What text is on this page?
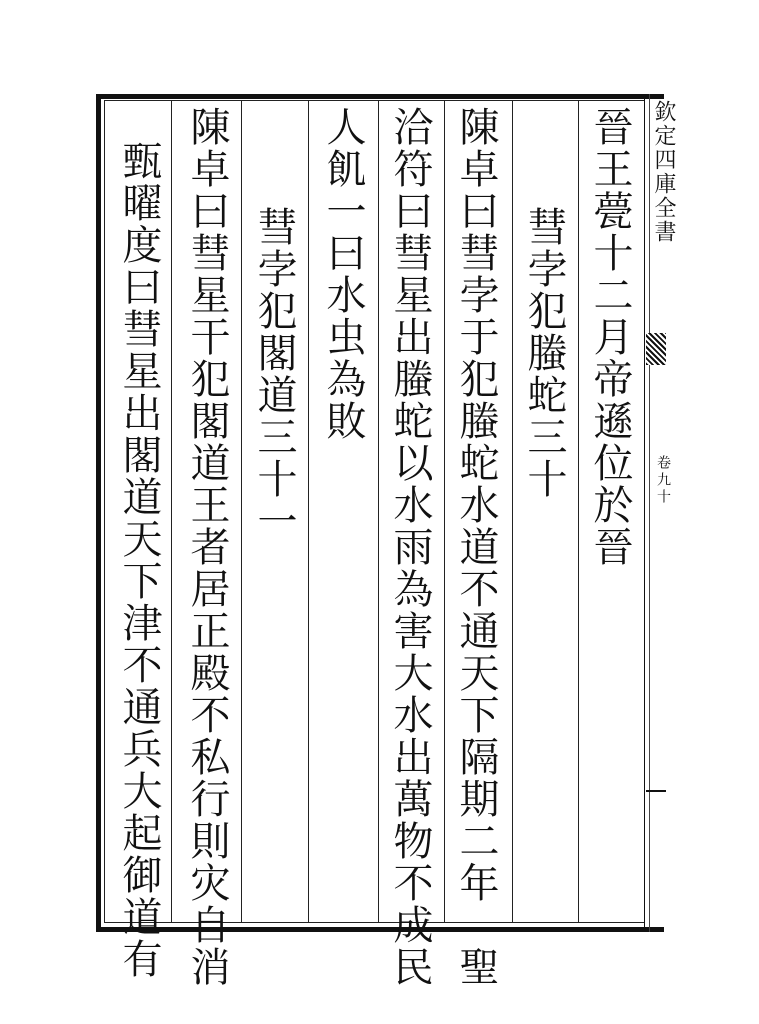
欽定四庫全書
卷九十
晉王甍十二月帝遜位於晉
彗孛犯螣蛇三十
陳卓曰彗孛于犯螣蛇水道不通天下隔期二年　聖
洽符曰彗星出螣蛇以水雨為害大水出萬物不成民
人飢一曰水虫為敗
彗孛犯閣道三十一
陳卓曰彗星干犯閣道王者居正殿不私行則灾自消
甄曜度曰彗星出閣道天下津不通兵大起御道有
